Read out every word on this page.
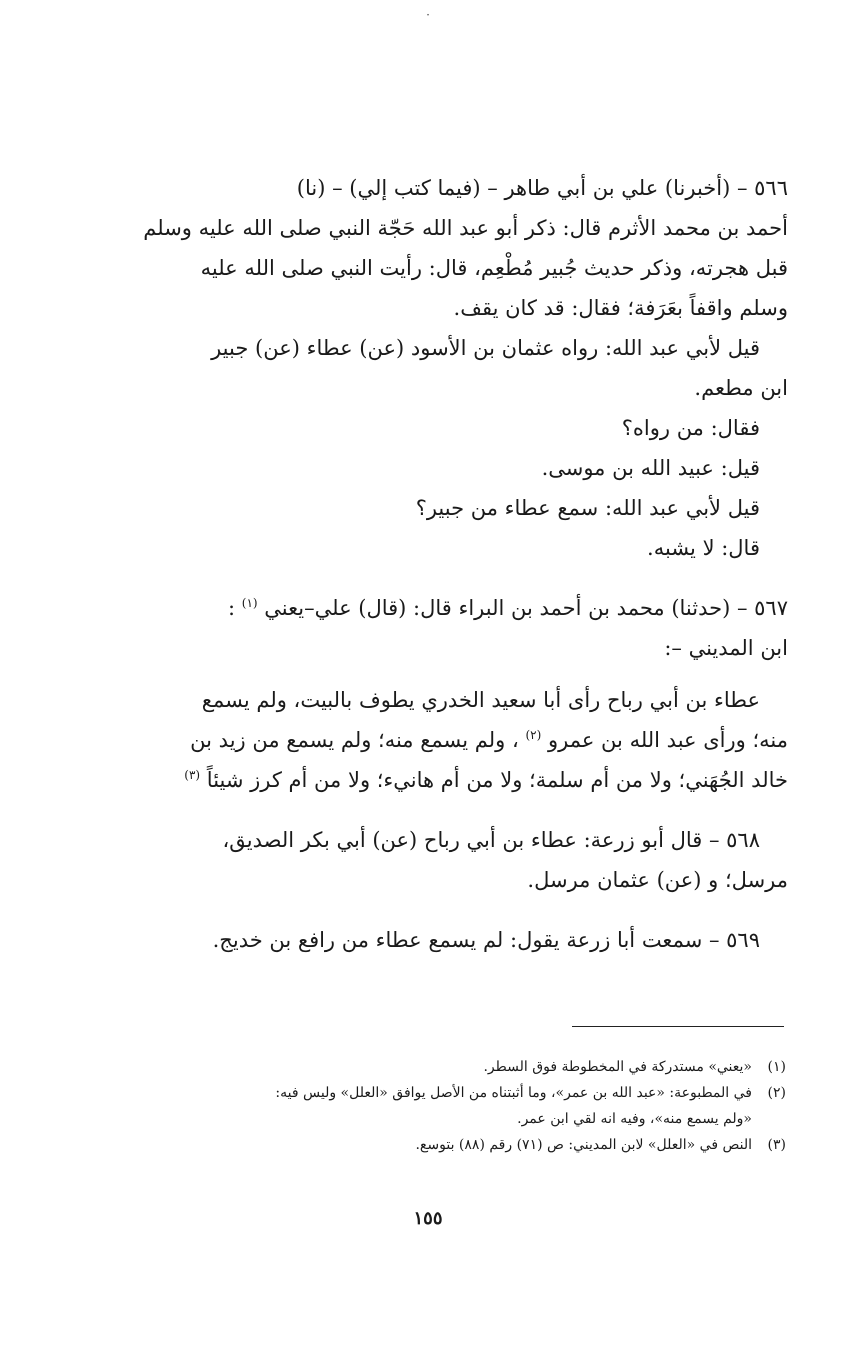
·

٥٦٦ – (أخبرنا) علي بن أبي طاهر – (فيما كتب إلي) – (نا)

أحمد بن محمد الأثرم قال: ذكر أبو عبد الله حَجّة النبي صلى الله عليه وسلم

قبل هجرته، وذكر حديث جُبير مُطْعِم، قال: رأيت النبي صلى الله عليه

وسلم واقفاً بعَرَفة؛ فقال: قد كان يقف.

قيل لأبي عبد الله: رواه عثمان بن الأسود (عن) عطاء (عن) جبير

ابن مطعم.

فقال: من رواه؟

قيل: عبيد الله بن موسى.

قيل لأبي عبد الله: سمع عطاء من جبير؟

قال: لا يشبه.

٥٦٧ – (حدثنا) محمد بن أحمد بن البراء قال: (قال) علي–يعني $^{(١)}$ :

ابن المديني –:

عطاء بن أبي رباح رأى أبا سعيد الخدري يطوف بالبيت، ولم يسمع

منه؛ ورأى عبد الله بن عمرو $^{(٢)}$ ، ولم يسمع منه؛ ولم يسمع من زيد بن

خالد الجُهَني؛ ولا من أم سلمة؛ ولا من أم هانيء؛ ولا من أم كرز شيئاً $^{(٣)}$

٥٦٨ – قال أبو زرعة: عطاء بن أبي رباح (عن) أبي بكر الصديق،

مرسل؛ و (عن) عثمان مرسل.

٥٦٩ – سمعت أبا زرعة يقول: لم يسمع عطاء من رافع بن خديج.

(١)
«يعني» مستدركة في المخطوطة فوق السطر.
(٢)
في المطبوعة: «عبد الله بن عمر»، وما أثبتناه من الأصل يوافق «العلل» وليس فيه:
«ولم يسمع منه»، وفيه انه لقي ابن عمر.
(٣)
النص في «العلل» لابن المديني: ص (٧١) رقم (٨٨) بتوسع.
١٥٥
